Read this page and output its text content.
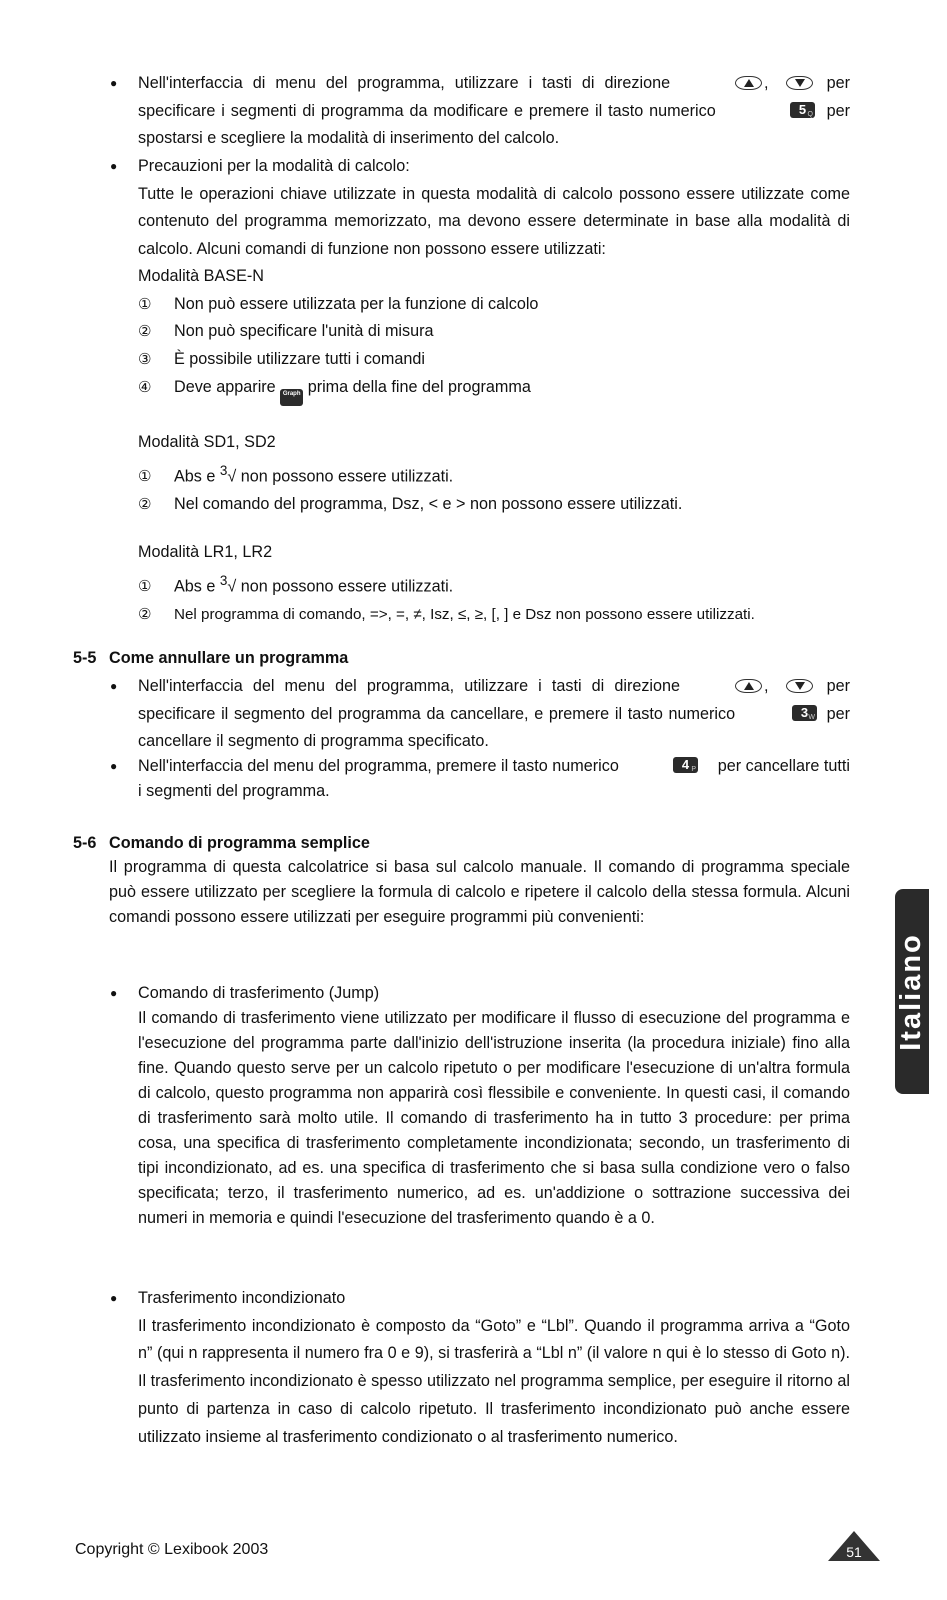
● Nell'interfaccia di menu del programma, utilizzare i tasti di direzione	,	per
specificare i segmenti di programma da modificare e premere il tasto numerico	5 Q per
spostarsi e scegliere la modalità di inserimento del calcolo.
● Precauzioni per la modalità di calcolo:
Tutte le operazioni chiave utilizzate in questa modalità di calcolo possono essere utilizzate come contenuto del programma memorizzato, ma devono essere determinate in base alla modalità di calcolo. Alcuni comandi di funzione non possono essere utilizzati:
Modalità BASE-N
① Non può essere utilizzata per la funzione di calcolo
② Non può specificare l'unità di misura
③ È possibile utilizzare tutti i comandi
④ Deve apparire Graph prima della fine del programma
Modalità SD1, SD2
① Abs e $^3$√ non possono essere utilizzati.
② Nel comando del programma, Dsz, < e > non possono essere utilizzati.
Modalità LR1, LR2
① Abs e $^3$√ non possono essere utilizzati.
② Nel programma di comando, =>, =, ≠, Isz, ≤, ≥, [, ] e Dsz non possono essere utilizzati.
5-5 Come annullare un programma
● Nell'interfaccia del menu del programma, utilizzare i tasti di direzione	,	per
specificare il segmento del programma da cancellare, e premere il tasto numerico	3 W per
cancellare il segmento di programma specificato.
● Nell'interfaccia del menu del programma, premere il tasto numerico	4 P per cancellare tutti
i segmenti del programma.
5-6 Comando di programma semplice
Il programma di questa calcolatrice si basa sul calcolo manuale. Il comando di programma speciale può essere utilizzato per scegliere la formula di calcolo e ripetere il calcolo della stessa formula. Alcuni comandi possono essere utilizzati per eseguire programmi più convenienti:
● Comando di trasferimento (Jump)
Il comando di trasferimento viene utilizzato per modificare il flusso di esecuzione del programma e l'esecuzione del programma parte dall'inizio dell'istruzione inserita (la procedura iniziale) fino alla fine. Quando questo serve per un calcolo ripetuto o per modificare l'esecuzione di un'altra formula di calcolo, questo programma non apparirà così flessibile e conveniente. In questi casi, il comando di trasferimento sarà molto utile. Il comando di trasferimento ha in tutto 3 procedure: per prima cosa, una specifica di trasferimento completamente incondizionata; secondo, un trasferimento di tipi incondizionato, ad es. una specifica di trasferimento che si basa sulla condizione vero o falso specificata; terzo, il trasferimento numerico, ad es. un'addizione o sottrazione successiva dei numeri in memoria e quindi l'esecuzione del trasferimento quando è a 0.
● Trasferimento incondizionato
Il trasferimento incondizionato è composto da “Goto” e “Lbl”. Quando il programma arriva a “Goto n” (qui n rappresenta il numero fra 0 e 9), si trasferirà a “Lbl n” (il valore n qui è lo stesso di Goto n). Il trasferimento incondizionato è spesso utilizzato nel programma semplice, per eseguire il ritorno al punto di partenza in caso di calcolo ripetuto. Il trasferimento incondizionato può anche essere utilizzato insieme al trasferimento condizionato o al trasferimento numerico.
Italiano
Copyright © Lexibook 2003	51
